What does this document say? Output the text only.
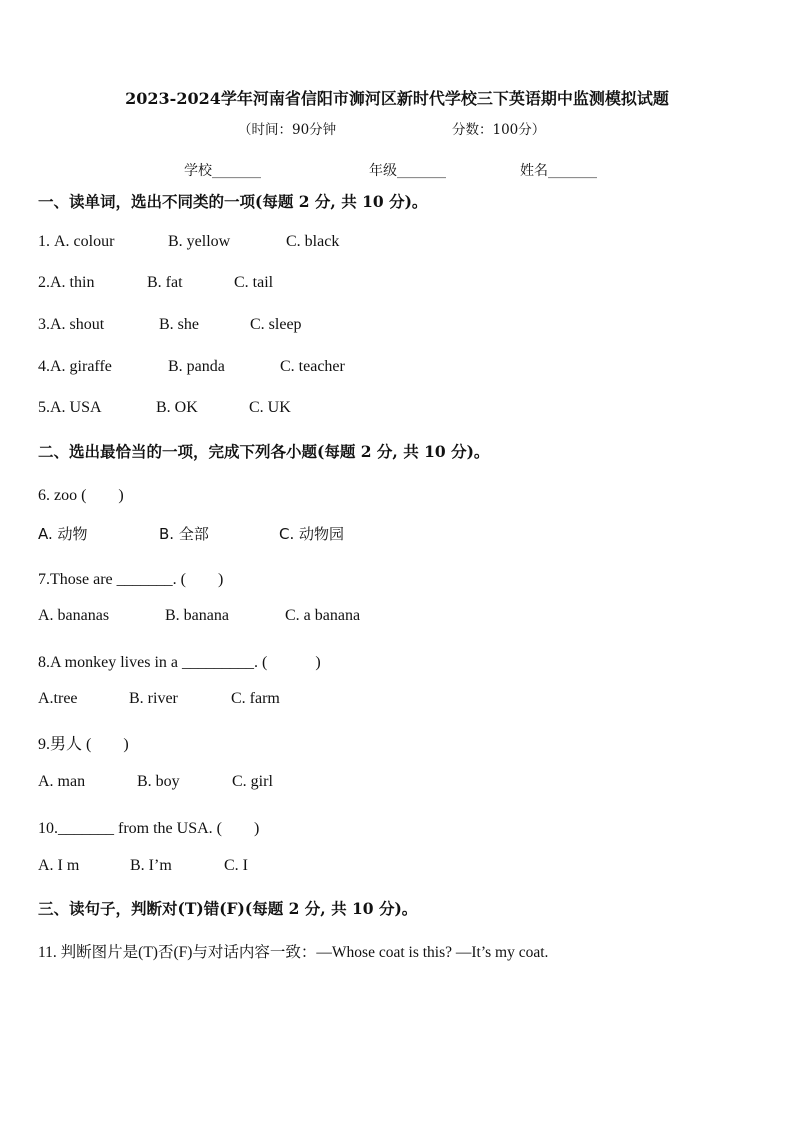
2023-2024学年河南省信阳市浉河区新时代学校三下英语期中监测模拟试题
（时间：90分钟	分数：100分）
学校_______	年级_______	姓名_______
一、读单词，选出不同类的一项(每题 2 分, 共 10 分)。
1. A. colour	B. yellow	C. black
2.A. thin	B. fat	C. tail
3.A. shout	B. she	C. sleep
4.A. giraffe	B. panda	C. teacher
5.A. USA	B. OK	C. UK
二、选出最恰当的一项，完成下列各小题(每题 2 分, 共 10 分)。
6. zoo (　　)
A. 动物	B. 全部	C. 动物园
7.Those are _______. (　　)
A. bananas	B. banana	C. a banana
8.A monkey lives in a _________. (　　　)
A.tree	B. river	C. farm
9.男人 (　　)
A. man	B. boy	C. girl
10._______ from the USA. (　　)
A. I m	B. I’m	C. I
三、读句子，判断对(T)错(F)(每题 2 分, 共 10 分)。
11. 判断图片是(T)否(F)与对话内容一致：—Whose coat is this? —It’s my coat.
